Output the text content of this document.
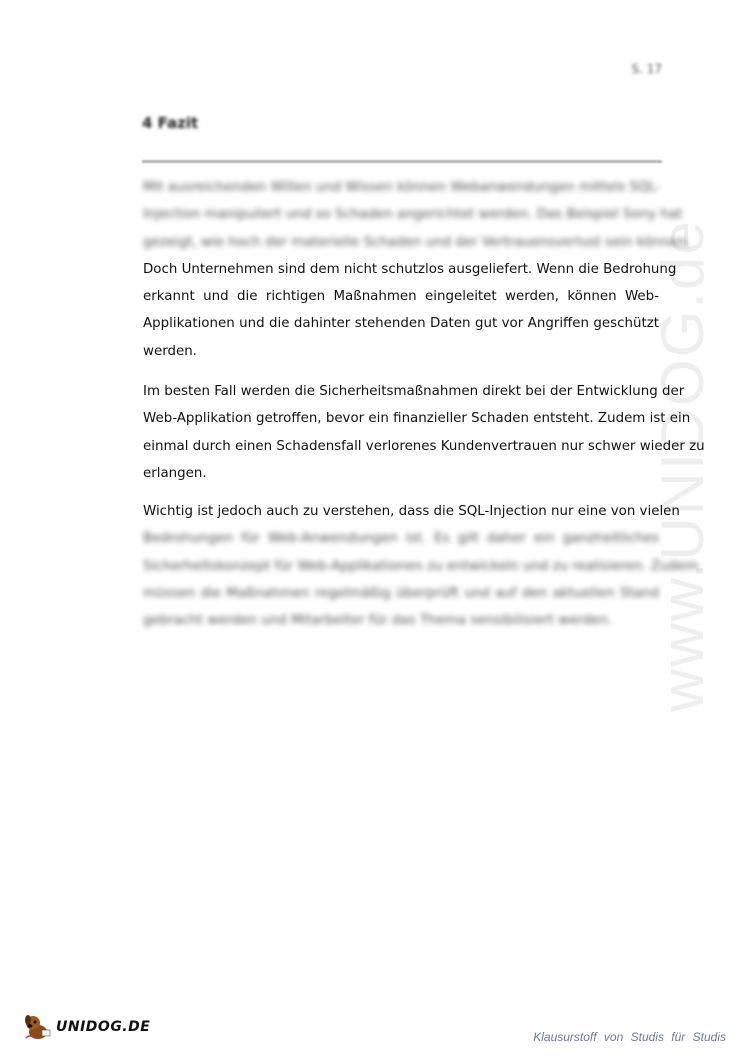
www.UNIDOG.de
S. 17
4 Fazit
Mit ausreichenden Willen und Wissen können Webanwendungen mittels SQL-
Injection manipuliert und so Schaden angerichtet werden. Das Beispiel Sony hat
gezeigt, wie hoch der materielle Schaden und der Vertrauensverlust sein können.
Doch Unternehmen sind dem nicht schutzlos ausgeliefert. Wenn die Bedrohung
erkannt und die richtigen Maßnahmen eingeleitet werden, können Web-
Applikationen und die dahinter stehenden Daten gut vor Angriffen geschützt
werden.
Im besten Fall werden die Sicherheitsmaßnahmen direkt bei der Entwicklung der
Web-Applikation getroffen, bevor ein finanzieller Schaden entsteht. Zudem ist ein
einmal durch einen Schadensfall verlorenes Kundenvertrauen nur schwer wieder zu
erlangen.
Wichtig ist jedoch auch zu verstehen, dass die SQL-Injection nur eine von vielen
Bedrohungen für Web-Anwendungen ist. Es gilt daher ein ganzheitliches
Sicherheitskonzept für Web-Applikationen zu entwickeln und zu realisieren. Zudem
müssen die Maßnahmen regelmäßig überprüft und auf den aktuellen Stand
gebracht werden und Mitarbeiter für das Thema sensibilisiert werden.
UNIDOG.DE
Klausurstoff von Studis für Studis
